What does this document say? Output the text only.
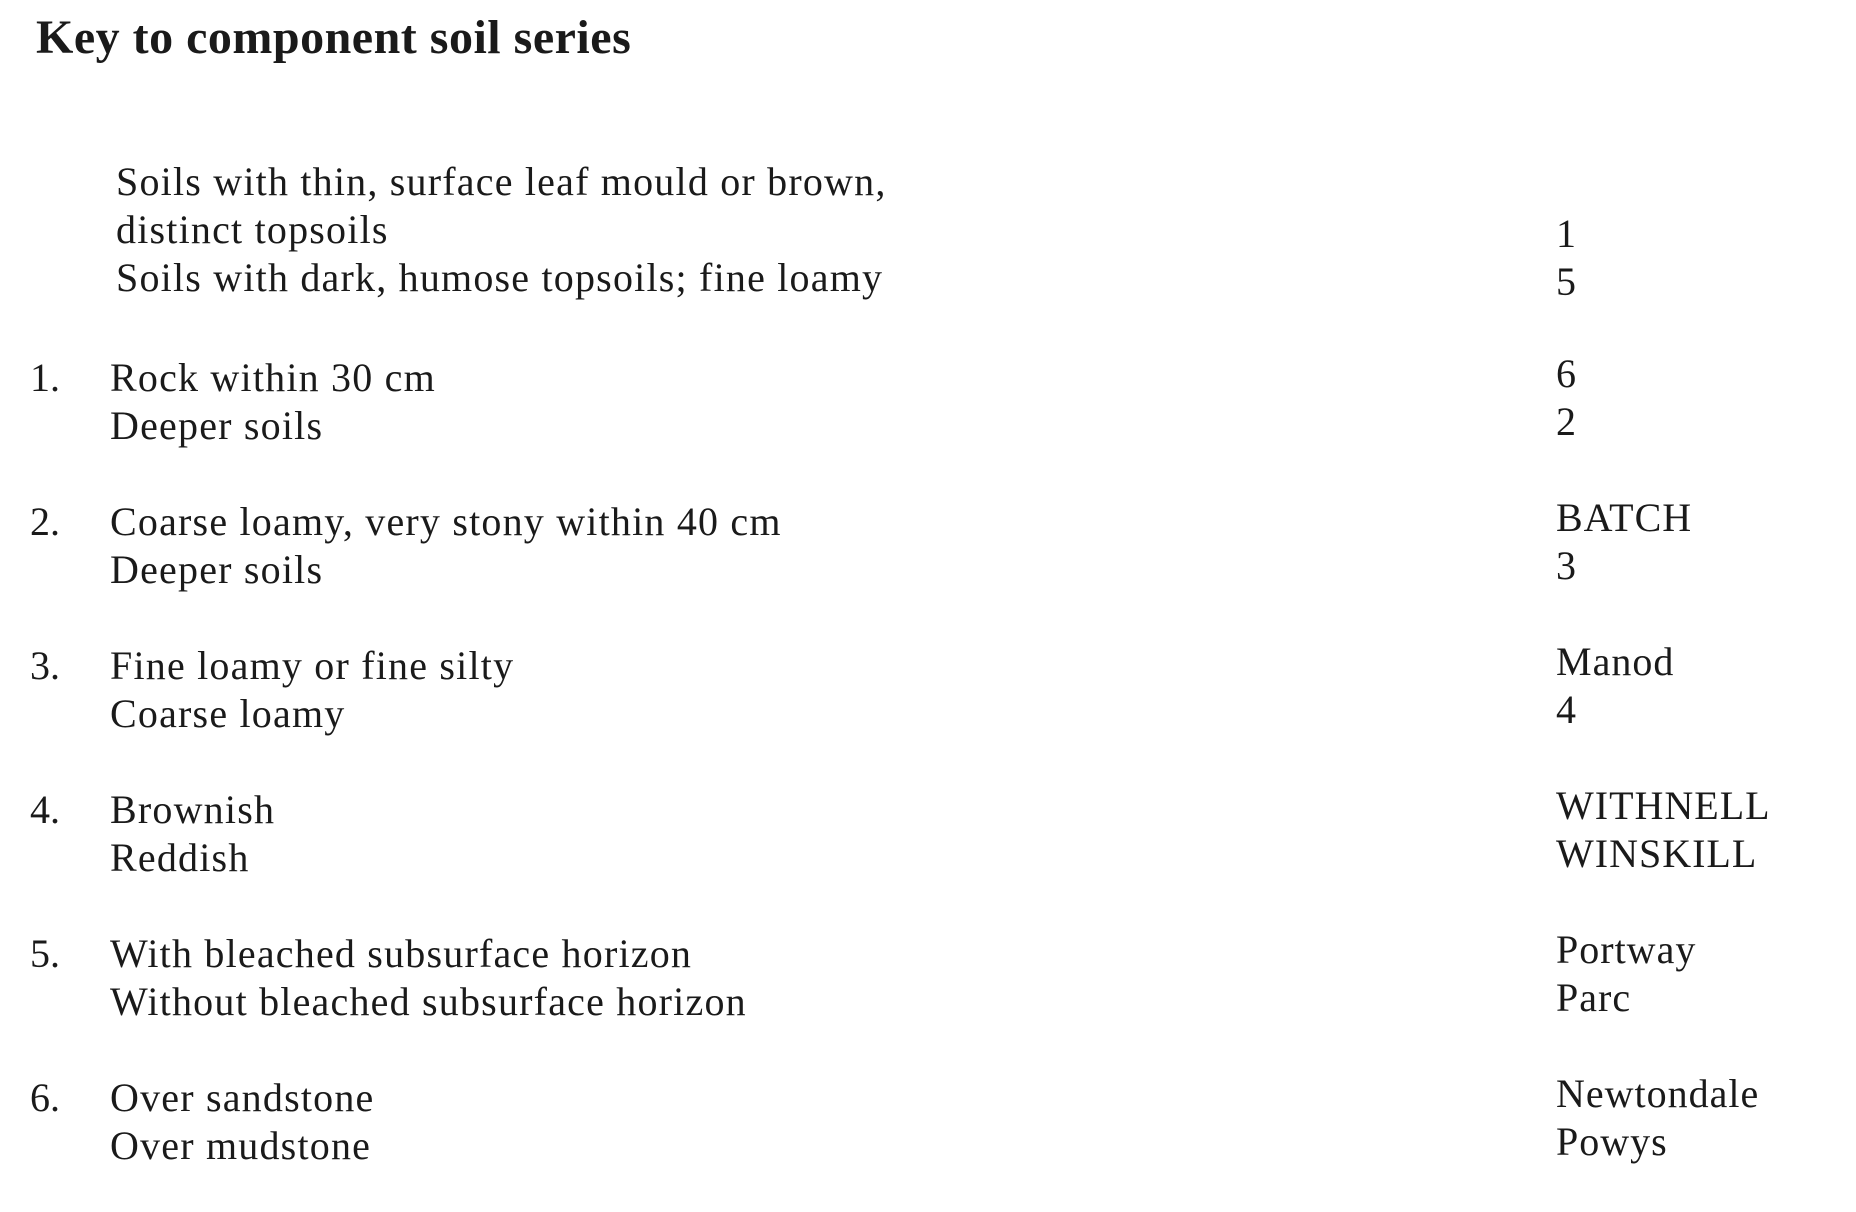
Key to component soil series
Soils with thin, surface leaf mould or brown,
distinct topsoils
Soils with dark, humose topsoils; fine loamy
1
5
1. Rock within 30 cm
Deeper soils
6
2
2. Coarse loamy, very stony within 40 cm
Deeper soils
BATCH
3
3. Fine loamy or fine silty
Coarse loamy
Manod
4
4. Brownish
Reddish
WITHNELL
WINSKILL
5. With bleached subsurface horizon
Without bleached subsurface horizon
Portway
Parc
6. Over sandstone
Over mudstone
Newtondale
Powys
